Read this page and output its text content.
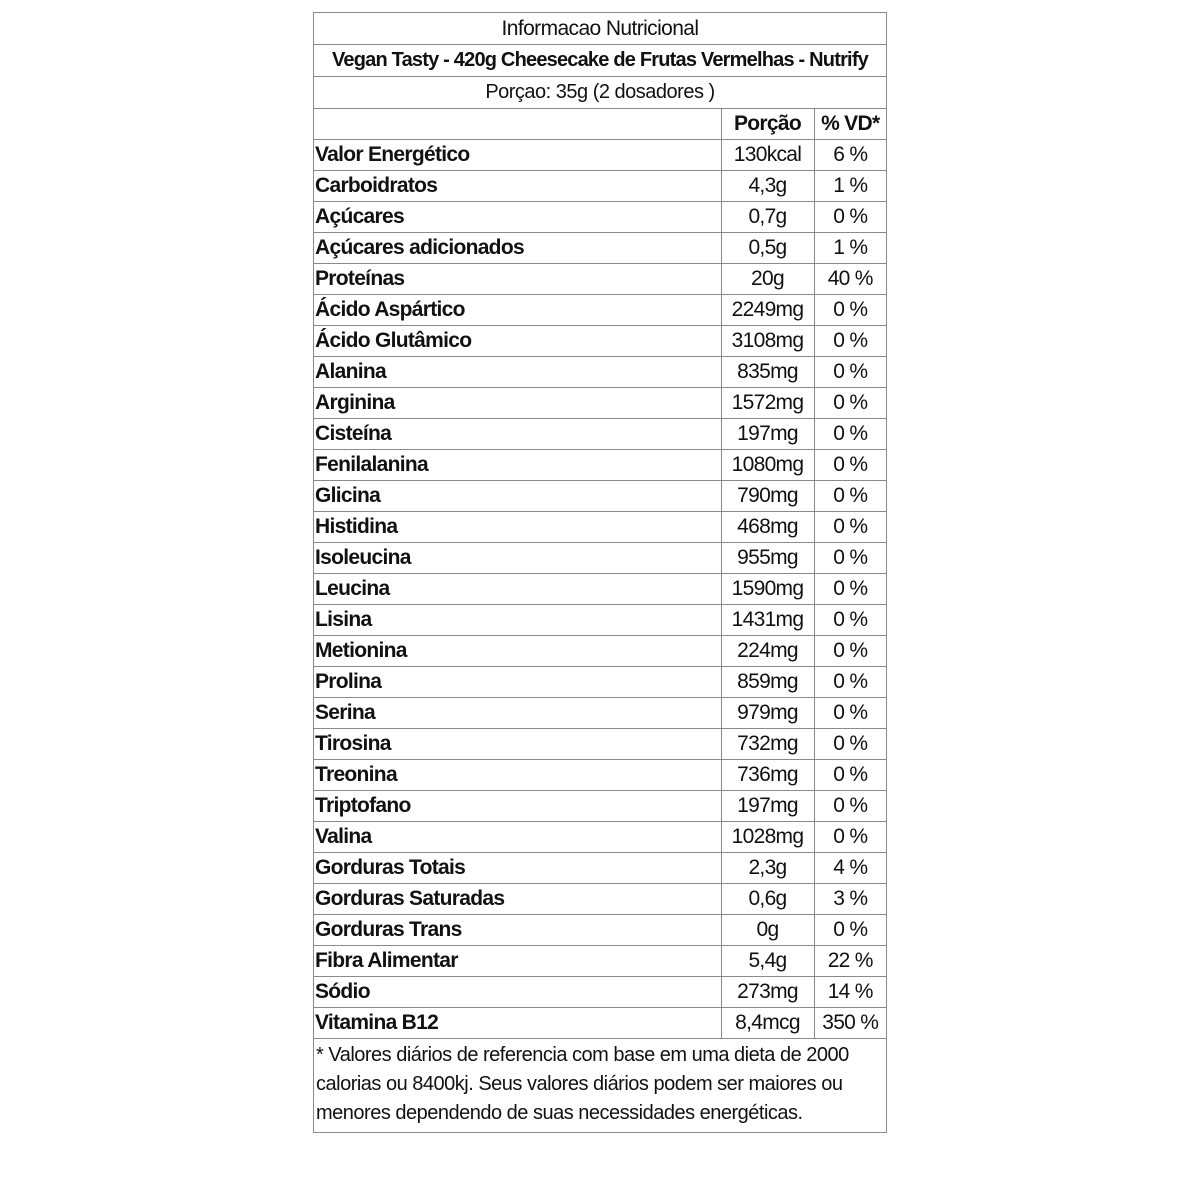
Informacao Nutricional
Vegan Tasty - 420g Cheesecake de Frutas Vermelhas - Nutrify
Porçao: 35g (2 dosadores )
	Porção	% VD*
Valor Energético	130kcal	6 %
Carboidratos	4,3g	1 %
Açúcares	0,7g	0 %
Açúcares adicionados	0,5g	1 %
Proteínas	20g	40 %
Ácido Aspártico	2249mg	0 %
Ácido Glutâmico	3108mg	0 %
Alanina	835mg	0 %
Arginina	1572mg	0 %
Cisteína	197mg	0 %
Fenilalanina	1080mg	0 %
Glicina	790mg	0 %
Histidina	468mg	0 %
Isoleucina	955mg	0 %
Leucina	1590mg	0 %
Lisina	1431mg	0 %
Metionina	224mg	0 %
Prolina	859mg	0 %
Serina	979mg	0 %
Tirosina	732mg	0 %
Treonina	736mg	0 %
Triptofano	197mg	0 %
Valina	1028mg	0 %
Gorduras Totais	2,3g	4 %
Gorduras Saturadas	0,6g	3 %
Gorduras Trans	0g	0 %
Fibra Alimentar	5,4g	22 %
Sódio	273mg	14 %
Vitamina B12	8,4mcg	350 %
* Valores diários de referencia com base em uma dieta de 2000 calorias ou 8400kj. Seus valores diários podem ser maiores ou menores dependendo de suas necessidades energéticas.
